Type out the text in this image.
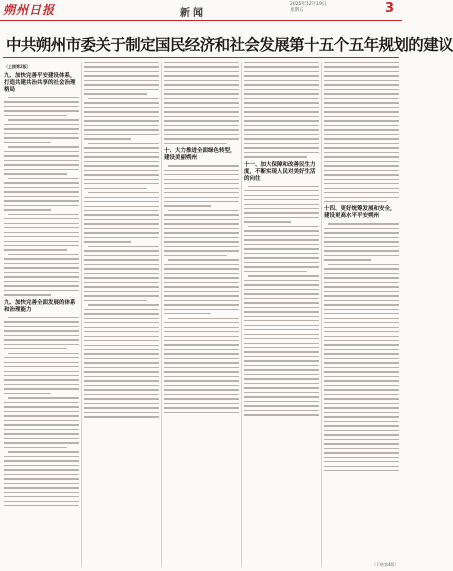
朔州日报	新闻
2025年12月19日
星期五	3
中共朔州市委关于制定国民经济和社会发展第十五个五年规划的建议
（上接第2版）
九、加快完善平安建设体系，打造共建共治共享的社会治理格局
九、加快完善全面发展的体系和治理能力
十、大力推进全面绿色转型，建设美丽朔州
十一、加大保障和改善民生力度，不断实现人民对美好生活的向往
十四、更好统筹发展和安全，建设更高水平平安朔州
（下转第4版）
